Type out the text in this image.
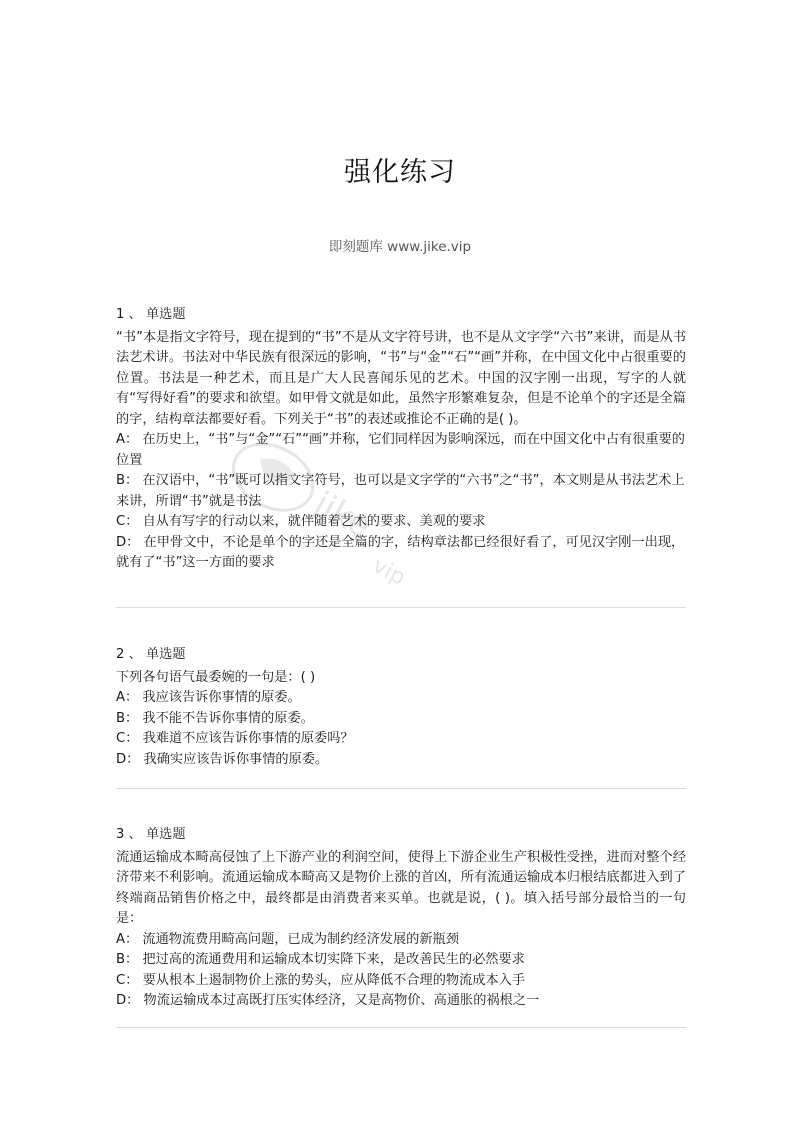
强化练习
即刻题库 www.jike.vip
jike
vip
1 、 单选题
“书”本是指文字符号，现在提到的“书”不是从文字符号讲，也不是从文字学“六书”来讲，而是从书法艺术讲。书法对中华民族有很深远的影响，“书”与“金”“石”“画”并称，在中国文化中占很重要的位置。书法是一种艺术，而且是广大人民喜闻乐见的艺术。中国的汉字刚一出现，写字的人就有“写得好看”的要求和欲望。如甲骨文就是如此，虽然字形繁难复杂，但是不论单个的字还是全篇的字，结构章法都要好看。下列关于“书”的表述或推论不正确的是( )。
A： 在历史上，“书”与“金”“石”“画”并称，它们同样因为影响深远，而在中国文化中占有很重要的位置
B： 在汉语中，“书”既可以指文字符号，也可以是文字学的“六书”之“书”，本文则是从书法艺术上来讲，所谓“书”就是书法
C： 自从有写字的行动以来，就伴随着艺术的要求、美观的要求
D： 在甲骨文中，不论是单个的字还是全篇的字，结构章法都已经很好看了，可见汉字刚一出现，就有了“书”这一方面的要求
2 、 单选题
下列各句语气最委婉的一句是：( )
A： 我应该告诉你事情的原委。
B： 我不能不告诉你事情的原委。
C： 我难道不应该告诉你事情的原委吗？
D： 我确实应该告诉你事情的原委。
3 、 单选题
流通运输成本畸高侵蚀了上下游产业的利润空间，使得上下游企业生产积极性受挫，进而对整个经济带来不利影响。流通运输成本畸高又是物价上涨的首凶，所有流通运输成本归根结底都进入到了终端商品销售价格之中，最终都是由消费者来买单。也就是说，( )。填入括号部分最恰当的一句是：
A： 流通物流费用畸高问题，已成为制约经济发展的新瓶颈
B： 把过高的流通费用和运输成本切实降下来，是改善民生的必然要求
C： 要从根本上遏制物价上涨的势头，应从降低不合理的物流成本入手
D： 物流运输成本过高既打压实体经济，又是高物价、高通胀的祸根之一
